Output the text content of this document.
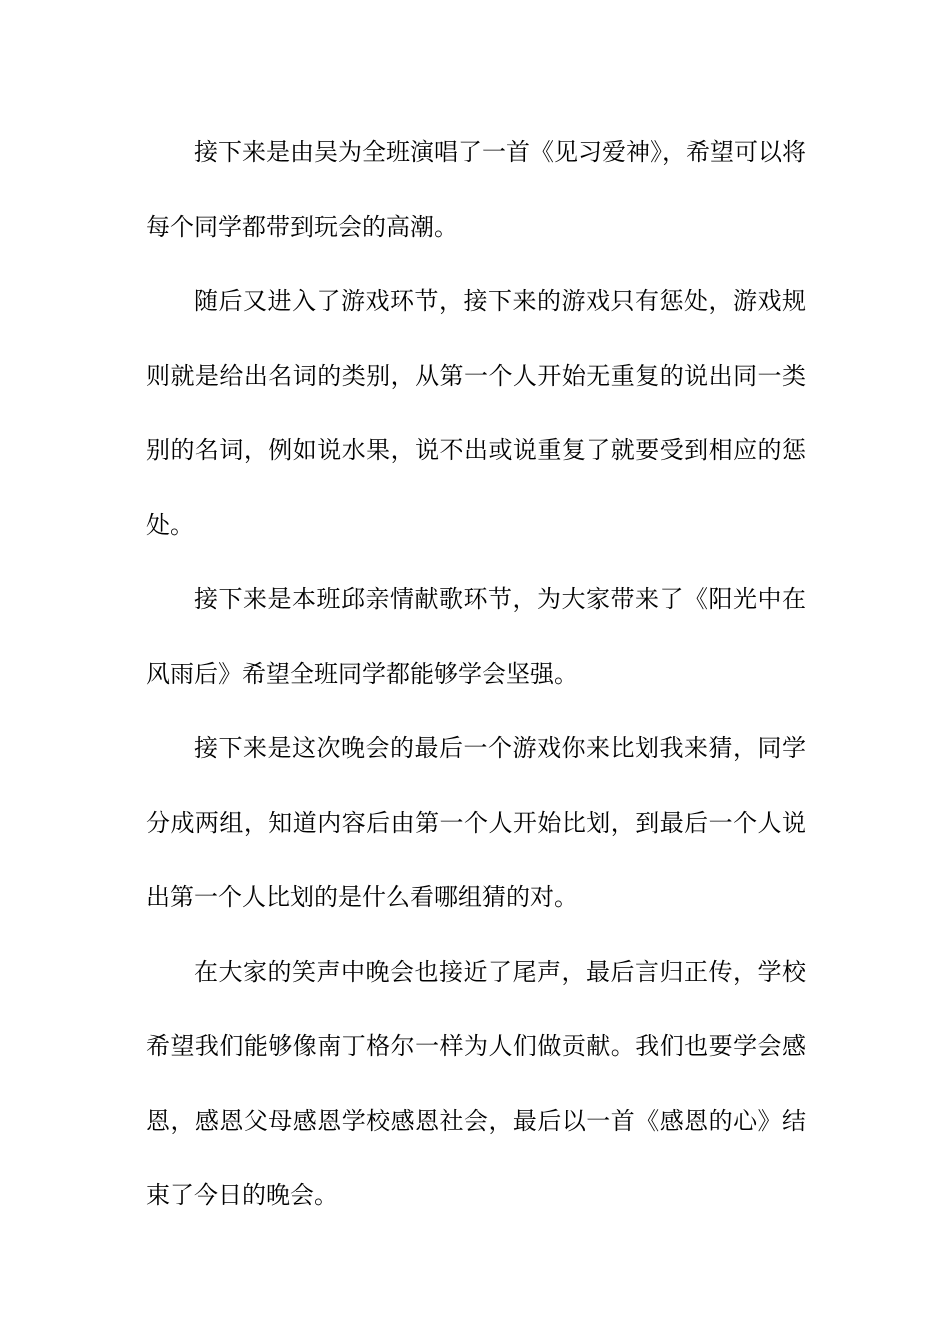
接下来是由吴为全班演唱了一首《见习爱神》，希望可以将每个同学都带到玩会的高潮。

随后又进入了游戏环节，接下来的游戏只有惩处，游戏规则就是给出名词的类别，从第一个人开始无重复的说出同一类别的名词，例如说水果，说不出或说重复了就要受到相应的惩处。

接下来是本班邱亲情献歌环节，为大家带来了《阳光中在风雨后》希望全班同学都能够学会坚强。

接下来是这次晚会的最后一个游戏你来比划我来猜，同学分成两组，知道内容后由第一个人开始比划，到最后一个人说出第一个人比划的是什么看哪组猜的对。

在大家的笑声中晚会也接近了尾声，最后言归正传，学校希望我们能够像南丁格尔一样为人们做贡献。我们也要学会感恩，感恩父母感恩学校感恩社会，最后以一首《感恩的心》结束了今日的晚会。
